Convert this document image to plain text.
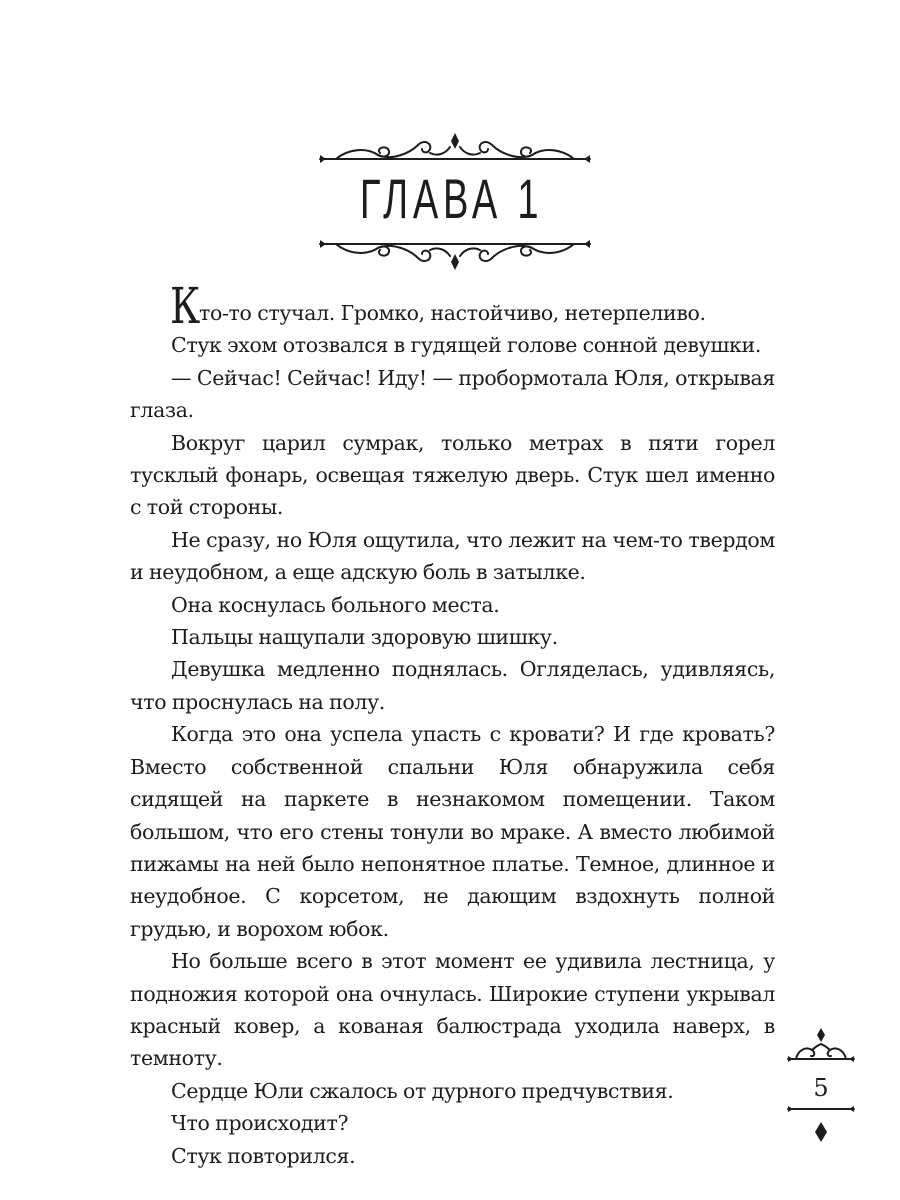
ГЛАВА 1

Кто-то стучал. Громко, настойчиво, нетерпеливо.

Стук эхом отозвался в гудящей голове сонной девушки.

— Сейчас! Сейчас! Иду! — пробормотала Юля, открывая глаза.

Вокруг царил сумрак, только метрах в пяти горел тусклый фонарь, освещая тяжелую дверь. Стук шел именно с той стороны.

Не сразу, но Юля ощутила, что лежит на чем-то твердом и неудобном, а еще адскую боль в затылке.

Она коснулась больного места.

Пальцы нащупали здоровую шишку.

Девушка медленно поднялась. Огляделась, удивляясь, что проснулась на полу.

Когда это она успела упасть с кровати? И где кровать? Вместо собственной спальни Юля обнаружила себя сидящей на паркете в незнакомом помещении. Таком большом, что его стены тонули во мраке. А вместо любимой пижамы на ней было непонятное платье. Темное, длинное и неудобное. С корсетом, не дающим вздохнуть полной грудью, и ворохом юбок.

Но больше всего в этот момент ее удивила лестница, у подножия которой она очнулась. Широкие ступени укрывал красный ковер, а кованая балюстрада уходила наверх, в темноту.

Сердце Юли сжалось от дурного предчувствия.

Что происходит?

Стук повторился.

5
